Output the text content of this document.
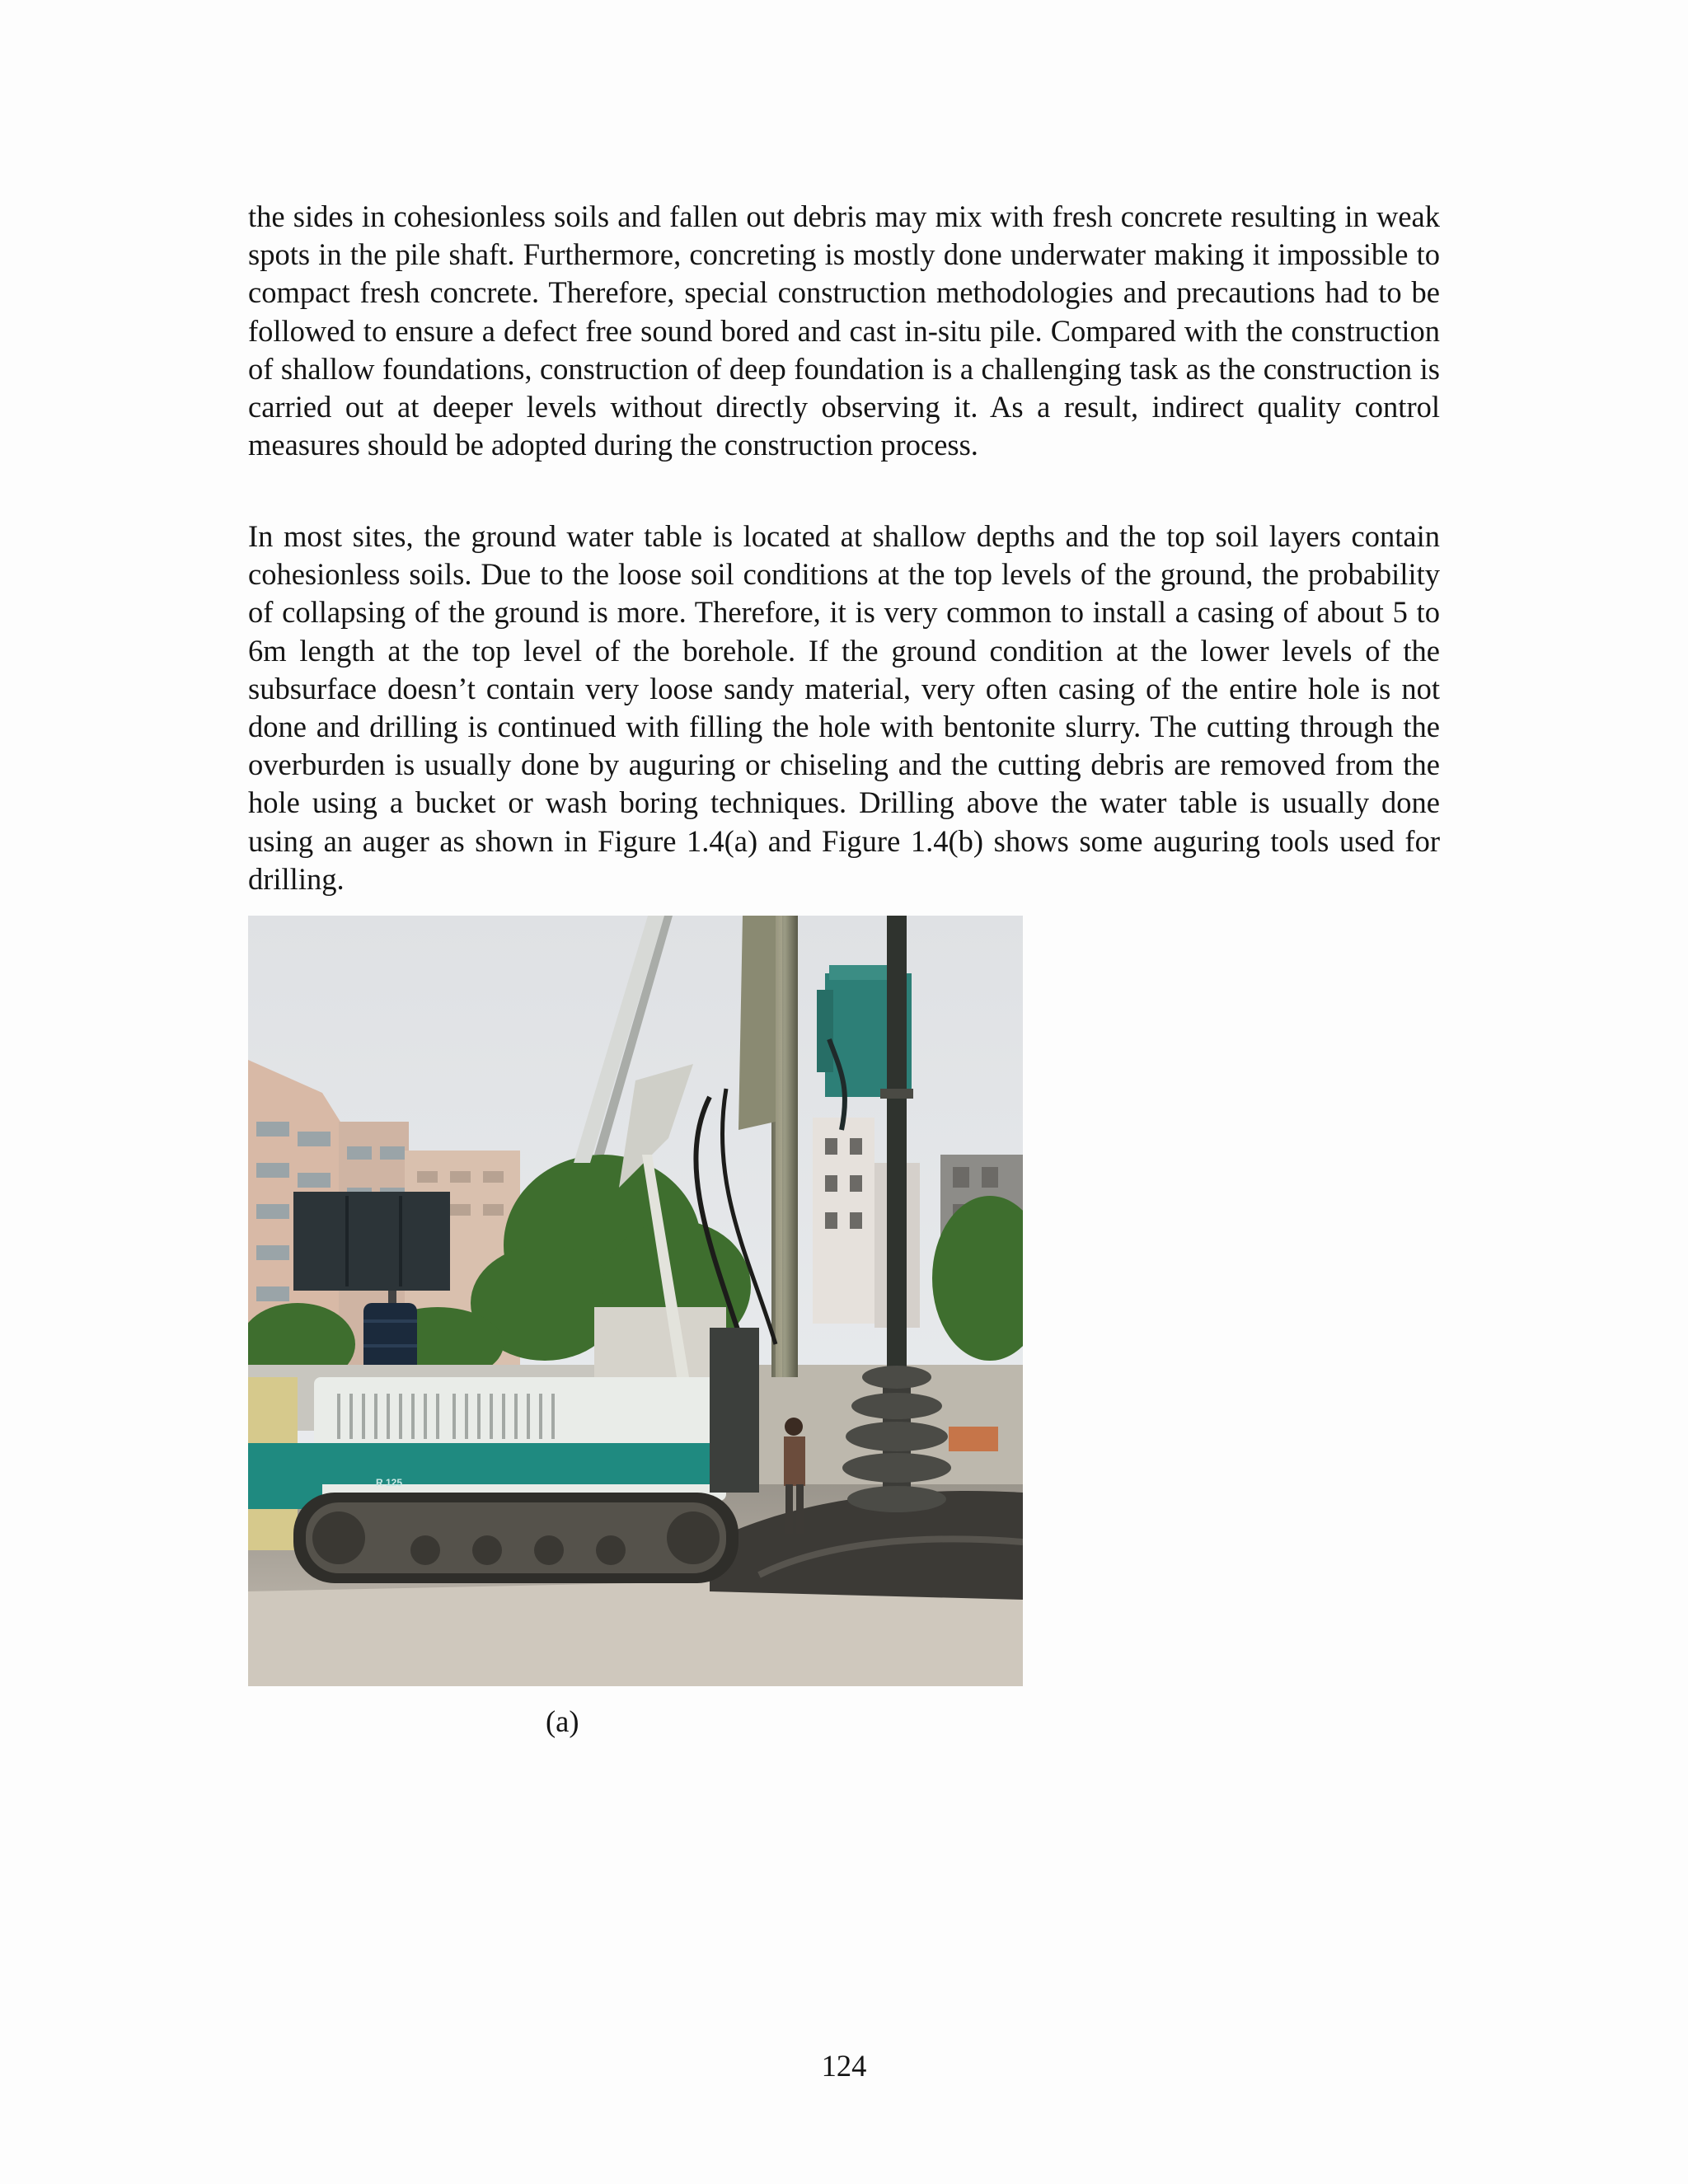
the sides in cohesionless soils and fallen out debris may mix with fresh concrete resulting in weak spots in the pile shaft. Furthermore, concreting is mostly done underwater making it impossible to compact fresh concrete. Therefore, special construction methodologies and precautions had to be followed to ensure a defect free sound bored and cast in-situ pile. Compared with the construction of shallow foundations, construction of deep foundation is a challenging task as the construction is carried out at deeper levels without directly observing it. As a result, indirect quality control measures should be adopted during the construction process.

In most sites, the ground water table is located at shallow depths and the top soil layers contain cohesionless soils. Due to the loose soil conditions at the top levels of the ground, the probability of collapsing of the ground is more. Therefore, it is very common to install a casing of about 5 to 6m length at the top level of the borehole. If the ground condition at the lower levels of the subsurface doesn’t contain very loose sandy material, very often casing of the entire hole is not done and drilling is continued with filling the hole with bentonite slurry. The cutting through the overburden is usually done by auguring or chiseling and the cutting debris are removed from the hole using a bucket or wash boring techniques. Drilling above the water table is usually done using an auger as shown in Figure 1.4(a) and Figure 1.4(b) shows some auguring tools used for drilling.

R 125
(a)
124
